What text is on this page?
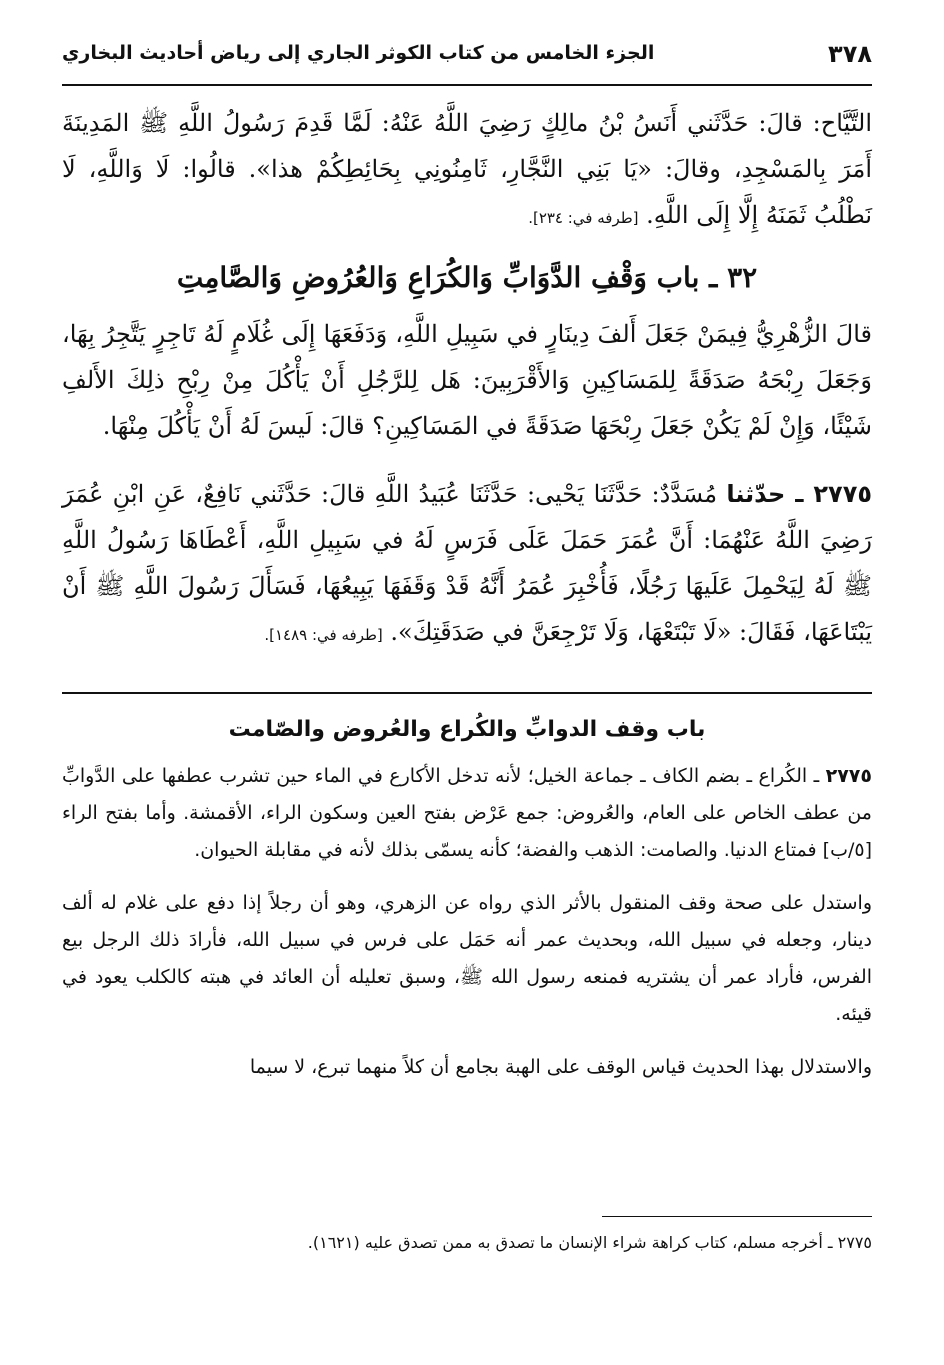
٣٧٨
الجزء الخامس من كتاب الكوثر الجاري إلى رياض أحاديث البخاري

التَّيَّاح: قالَ: حَدَّثَني أَنَسُ بْنُ مالِكٍ رَضِيَ اللَّهُ عَنْهُ: لَمَّا قَدِمَ رَسُولُ اللَّهِ ﷺ المَدِينَةَ أَمَرَ بِالمَسْجِدِ، وقالَ: «يَا بَنِي النَّجَّارِ، ثَامِنُونِي بِحَائِطِكُمْ هذا». قالُوا: لَا وَاللَّهِ، لَا نَطْلُبُ ثَمَنَهُ إِلَّا إِلَى اللَّهِ. [طرفه في: ٢٣٤].

٣٢ ـ باب وَقْفِ الدَّوَابِّ وَالكُرَاعِ وَالعُرُوضِ وَالصَّامِتِ

قالَ الزُّهْرِيُّ فِيمَنْ جَعَلَ أَلفَ دِينَارٍ في سَبِيلِ اللَّهِ، وَدَفَعَهَا إِلَى غُلَامٍ لَهُ تَاجِرٍ يَتَّجِرُ بِهَا، وَجَعَلَ رِبْحَهُ صَدَقَةً لِلمَسَاكِينِ وَالأَقْرَبِينَ: هَل لِلرَّجُلِ أَنْ يَأْكُلَ مِنْ رِبْحِ ذلِكَ الأَلفِ شَيْئًا، وَإِنْ لَمْ يَكُنْ جَعَلَ رِبْحَهَا صَدَقَةً في المَسَاكِينِ؟ قالَ: لَيسَ لَهُ أَنْ يَأْكُلَ مِنْهَا.

٢٧٧٥ ـ حدّثنا مُسَدَّدٌ: حَدَّثَنَا يَحْيى: حَدَّثَنَا عُبَيدُ اللَّهِ قالَ: حَدَّثَني نَافِعٌ، عَنِ ابْنِ عُمَرَ رَضِيَ اللَّهُ عَنْهُمَا: أَنَّ عُمَرَ حَمَلَ عَلَى فَرَسٍ لَهُ في سَبِيلِ اللَّهِ، أَعْطَاهَا رَسُولُ اللَّهِ ﷺ لَهُ لِيَحْمِلَ عَلَيهَا رَجُلًا، فَأُخْبِرَ عُمَرُ أَنَّهُ قَدْ وَقَفَهَا يَبِيعُهَا، فَسَأَلَ رَسُولَ اللَّهِ ﷺ أَنْ يَبْتَاعَهَا، فَقَالَ: «لَا تَبْتَعْهَا، وَلَا تَرْجِعَنَّ في صَدَقَتِكَ». [طرفه في: ١٤٨٩].
باب وقف الدوابِّ والكُراع والعُروض والصّامت

٢٧٧٥ ـ الكُراع ـ بضم الكاف ـ جماعة الخيل؛ لأنه تدخل الأكارع في الماء حين تشرب عطفها على الدَّوابِّ من عطف الخاص على العام، والعُروض: جمع عَرْض بفتح العين وسكون الراء، الأقمشة. وأما بفتح الراء [٥/ب] فمتاع الدنيا. والصامت: الذهب والفضة؛ كأنه يسمّى بذلك لأنه في مقابلة الحيوان.

واستدل على صحة وقف المنقول بالأثر الذي رواه عن الزهري، وهو أن رجلاً إذا دفع على غلام له ألف دينار، وجعله في سبيل الله، وبحديث عمر أنه حَمَل على فرس في سبيل الله، فأرادَ ذلك الرجل بيع الفرس، فأراد عمر أن يشتريه فمنعه رسول الله ﷺ، وسبق تعليله أن العائد في هبته كالكلب يعود في قيئه.

والاستدلال بهذا الحديث قياس الوقف على الهبة بجامع أن كلاً منهما تبرع، لا سيما

٢٧٧٥ ـ أخرجه مسلم، كتاب كراهة شراء الإنسان ما تصدق به ممن تصدق عليه (١٦٢١).
